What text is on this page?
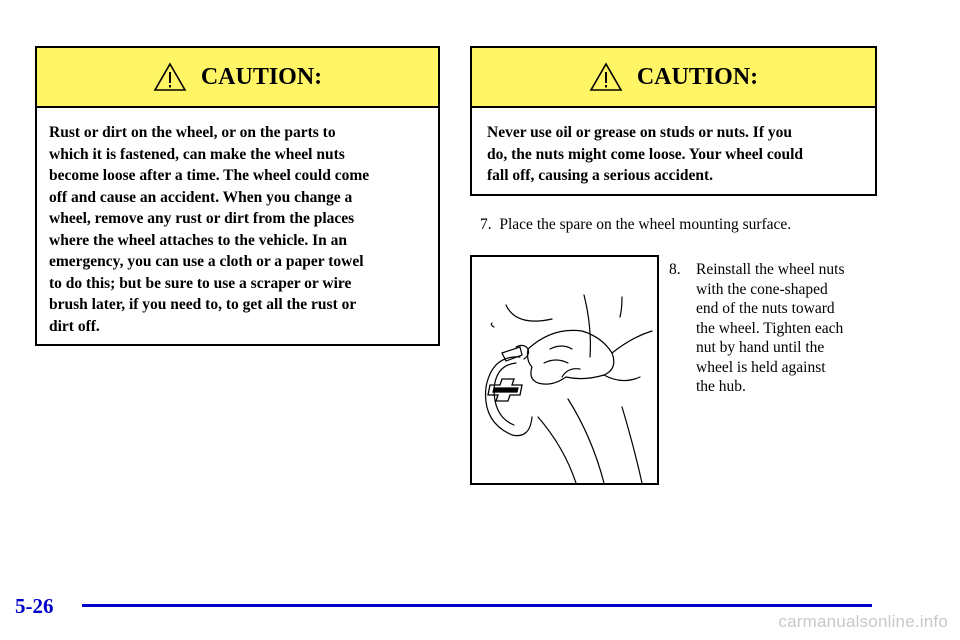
CAUTION:
Rust or dirt on the wheel, or on the parts to
which it is fastened, can make the wheel nuts
become loose after a time. The wheel could come
off and cause an accident. When you change a
wheel, remove any rust or dirt from the places
where the wheel attaches to the vehicle. In an
emergency, you can use a cloth or a paper towel
to do this; but be sure to use a scraper or wire
brush later, if you need to, to get all the rust or
dirt off.
CAUTION:
Never use oil or grease on studs or nuts. If you
do, the nuts might come loose. Your wheel could
fall off, causing a serious accident.
7. Place the spare on the wheel mounting surface.
8. Reinstall the wheel nuts
with the cone-shaped
end of the nuts toward
the wheel. Tighten each
nut by hand until the
wheel is held against
the hub.
5-26
carmanualsonline.info
